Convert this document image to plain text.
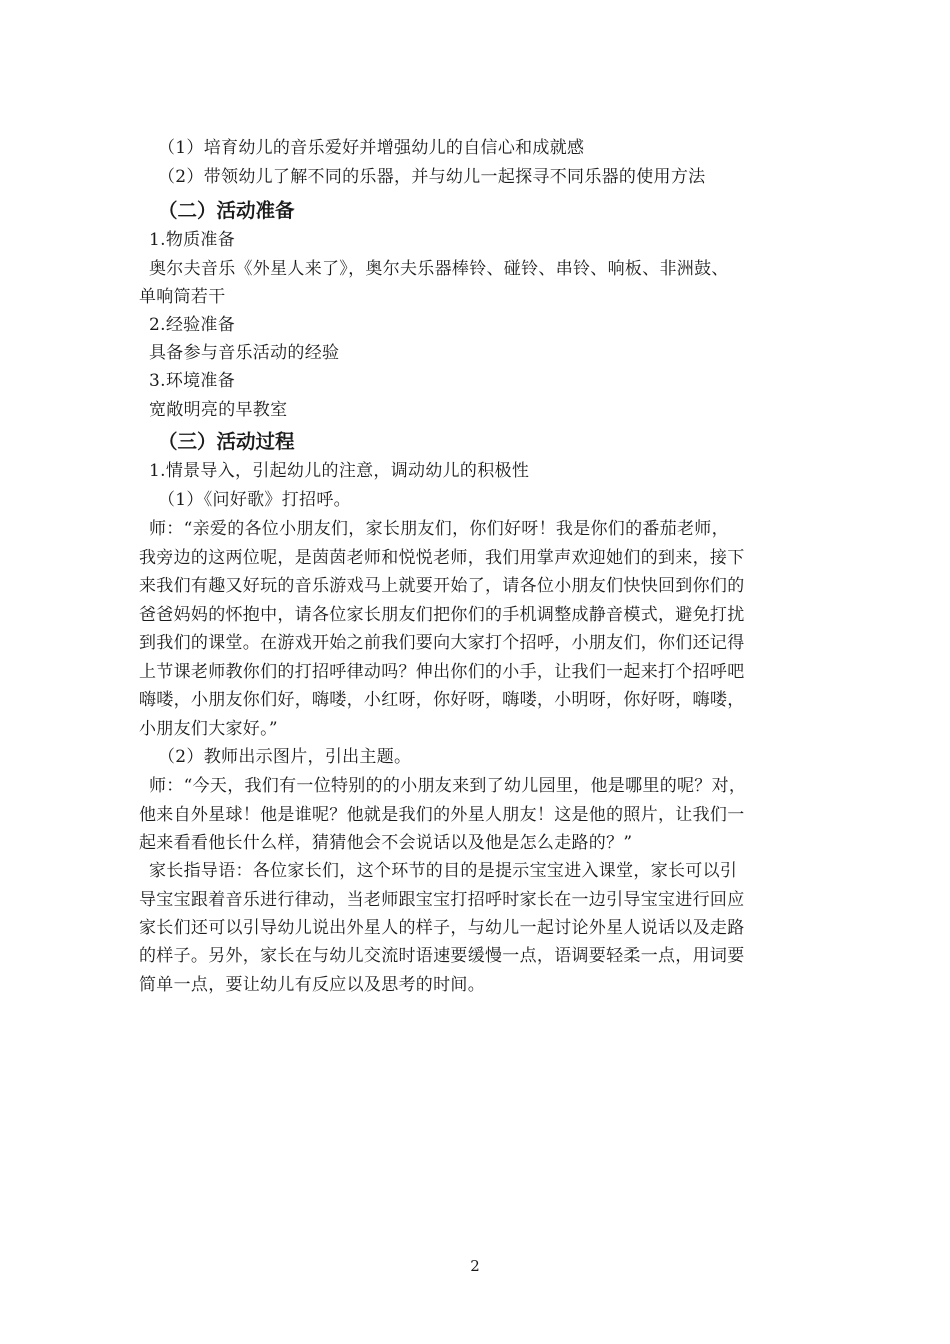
（1）培育幼儿的音乐爱好并增强幼儿的自信心和成就感
（2）带领幼儿了解不同的乐器，并与幼儿一起探寻不同乐器的使用方法
（二）活动准备
1.物质准备
奥尔夫音乐《外星人来了》，奥尔夫乐器棒铃、碰铃、串铃、响板、非洲鼓、
单响筒若干
2.经验准备
具备参与音乐活动的经验
3.环境准备
宽敞明亮的早教室
（三）活动过程
1.情景导入，引起幼儿的注意，调动幼儿的积极性
（1）《问好歌》打招呼。
师：“亲爱的各位小朋友们，家长朋友们，你们好呀！我是你们的番茄老师，
我旁边的这两位呢，是茵茵老师和悦悦老师，我们用掌声欢迎她们的到来，接下
来我们有趣又好玩的音乐游戏马上就要开始了，请各位小朋友们快快回到你们的
爸爸妈妈的怀抱中，请各位家长朋友们把你们的手机调整成静音模式，避免打扰
到我们的课堂。在游戏开始之前我们要向大家打个招呼，小朋友们，你们还记得
上节课老师教你们的打招呼律动吗？伸出你们的小手，让我们一起来打个招呼吧
嗨喽，小朋友你们好，嗨喽，小红呀，你好呀，嗨喽，小明呀，你好呀，嗨喽，
小朋友们大家好。”
（2）教师出示图片，引出主题。
师：“今天，我们有一位特别的的小朋友来到了幼儿园里，他是哪里的呢？对，
他来自外星球！他是谁呢？他就是我们的外星人朋友！这是他的照片，让我们一
起来看看他长什么样，猜猜他会不会说话以及他是怎么走路的？”
家长指导语：各位家长们，这个环节的目的是提示宝宝进入课堂，家长可以引
导宝宝跟着音乐进行律动，当老师跟宝宝打招呼时家长在一边引导宝宝进行回应
家长们还可以引导幼儿说出外星人的样子，与幼儿一起讨论外星人说话以及走路
的样子。另外，家长在与幼儿交流时语速要缓慢一点，语调要轻柔一点，用词要
简单一点，要让幼儿有反应以及思考的时间。
2
